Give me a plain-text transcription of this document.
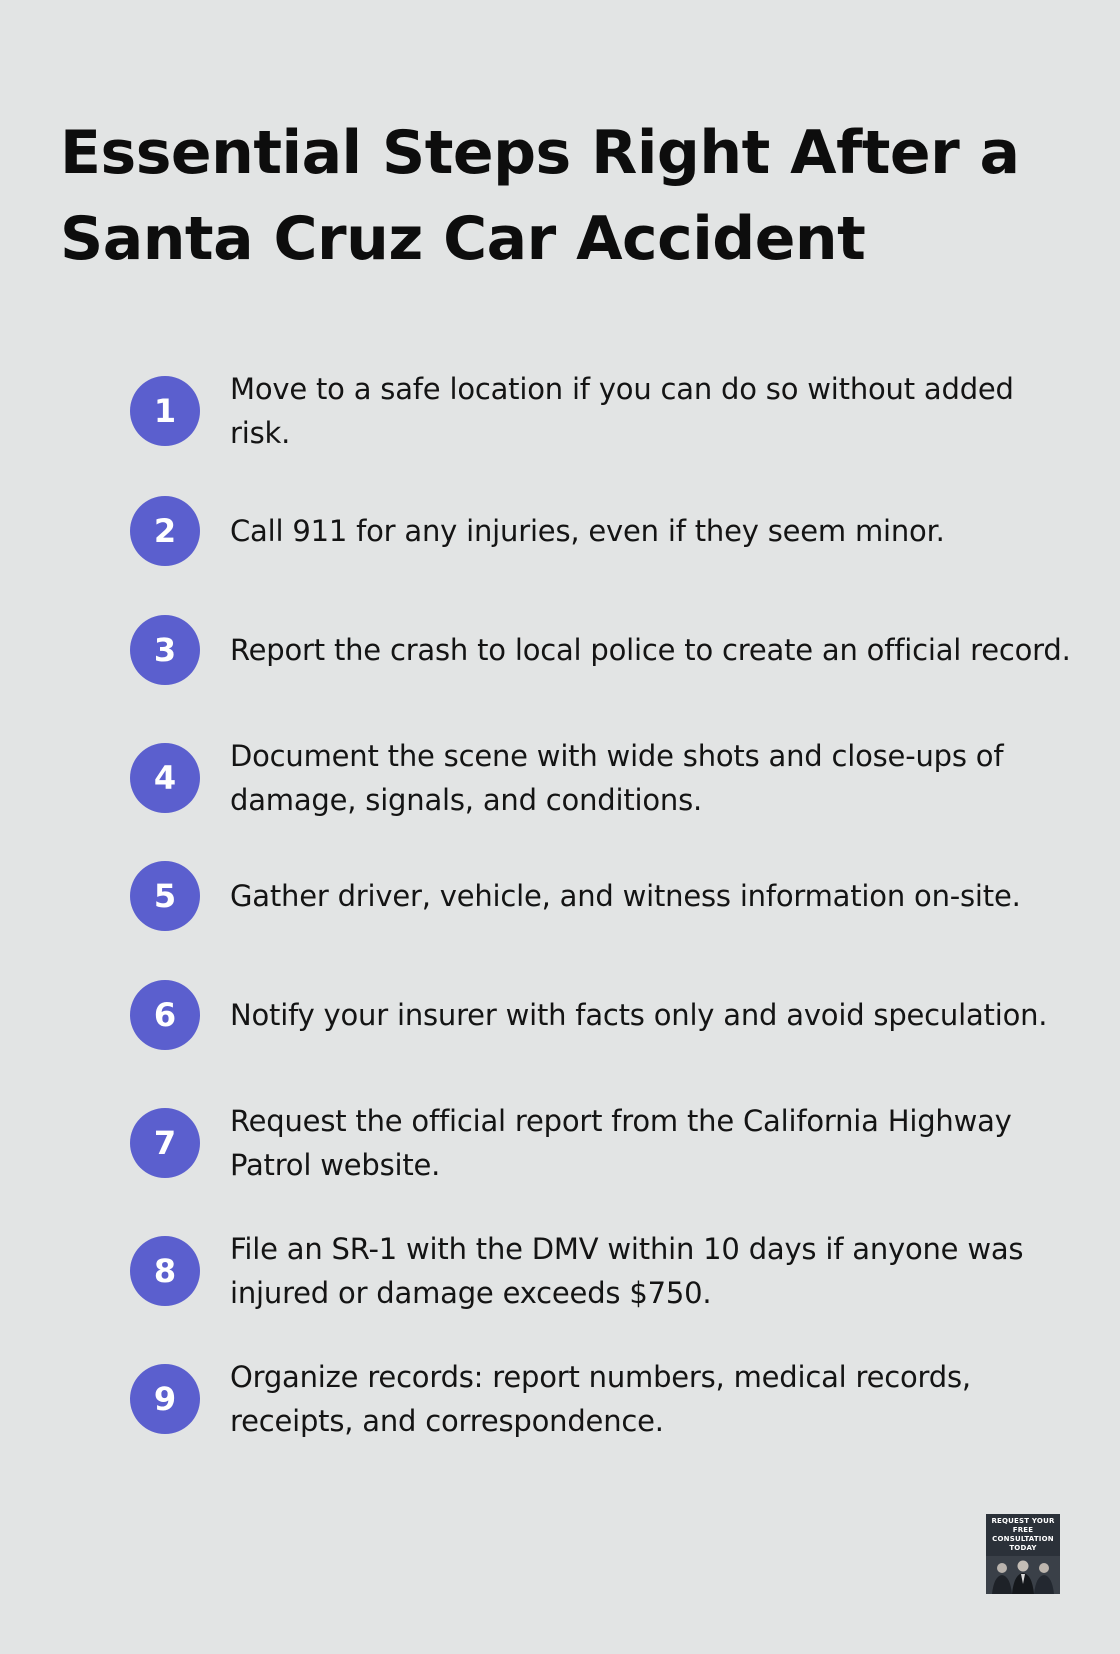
Essential Steps Right After a Santa Cruz Car Accident
1
Move to a safe location if you can do so without added risk.
2	Call 911 for any injuries, even if they seem minor.
3	Report the crash to local police to create an official record.
4
Document the scene with wide shots and close-ups of damage, signals, and conditions.
5	Gather driver, vehicle, and witness information on-site.
6	Notify your insurer with facts only and avoid speculation.
7
Request the official report from the California Highway Patrol website.
8
File an SR-1 with the DMV within 10 days if anyone was injured or damage exceeds $750.
9
Organize records: report numbers, medical records, receipts, and correspondence.
REQUEST YOUR FREE CONSULTATION TODAY
